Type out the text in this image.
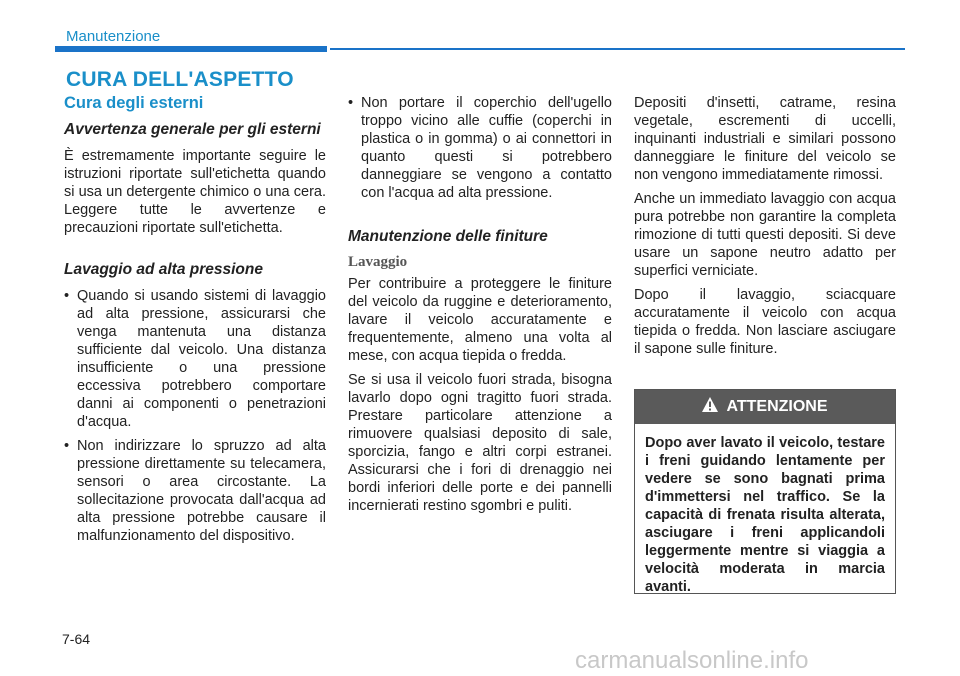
Manutenzione
CURA DELL'ASPETTO
Cura degli esterni
Avvertenza generale per gli esterni

È estremamente importante seguire le istruzioni riportate sull'etichetta quando si usa un detergente chimico o una cera. Leggere tutte le avvertenze e precauzioni riportate sull'etichetta.

Lavaggio ad alta pressione
• Quando si usando sistemi di lavaggio ad alta pressione, assicurarsi che venga mantenuta una distanza sufficiente dal veicolo. Una distanza insufficiente o una pressione eccessiva potrebbero comportare danni ai componenti o penetrazioni d'acqua.
• Non indirizzare lo spruzzo ad alta pressione direttamente su telecamera, sensori o area circostante. La sollecitazione provocata dall'acqua ad alta pressione potrebbe causare il malfunzionamento del dispositivo.
• Non portare il coperchio dell'ugello troppo vicino alle cuffie (coperchi in plastica o in gomma) o ai connettori in quanto questi si potrebbero danneggiare se vengono a contatto con l'acqua ad alta pressione.
Manutenzione delle finiture
Lavaggio

Per contribuire a proteggere le finiture del veicolo da ruggine e deterioramento, lavare il veicolo accuratamente e frequentemente, almeno una volta al mese, con acqua tiepida o fredda.

Se si usa il veicolo fuori strada, bisogna lavarlo dopo ogni tragitto fuori strada. Prestare particolare attenzione a rimuovere qualsiasi deposito di sale, sporcizia, fango e altri corpi estranei. Assicurarsi che i fori di drenaggio nei bordi inferiori delle porte e dei pannelli incernierati restino sgombri e puliti.

Depositi d'insetti, catrame, resina vegetale, escrementi di uccelli, inquinanti industriali e similari possono danneggiare le finiture del veicolo se non vengono immediatamente rimossi.

Anche un immediato lavaggio con acqua pura potrebbe non garantire la completa rimozione di tutti questi depositi. Si deve usare un sapone neutro adatto per superfici verniciate.

Dopo il lavaggio, sciacquare accuratamente il veicolo con acqua tiepida o fredda. Non lasciare asciugare il sapone sulle finiture.

ATTENZIONE

Dopo aver lavato il veicolo, testare i freni guidando lentamente per vedere se sono bagnati prima d'immettersi nel traffico. Se la capacità di frenata risulta alterata, asciugare i freni applicandoli leggermente mentre si viaggia a velocità moderata in marcia avanti.

7-64
carmanualsonline.info
